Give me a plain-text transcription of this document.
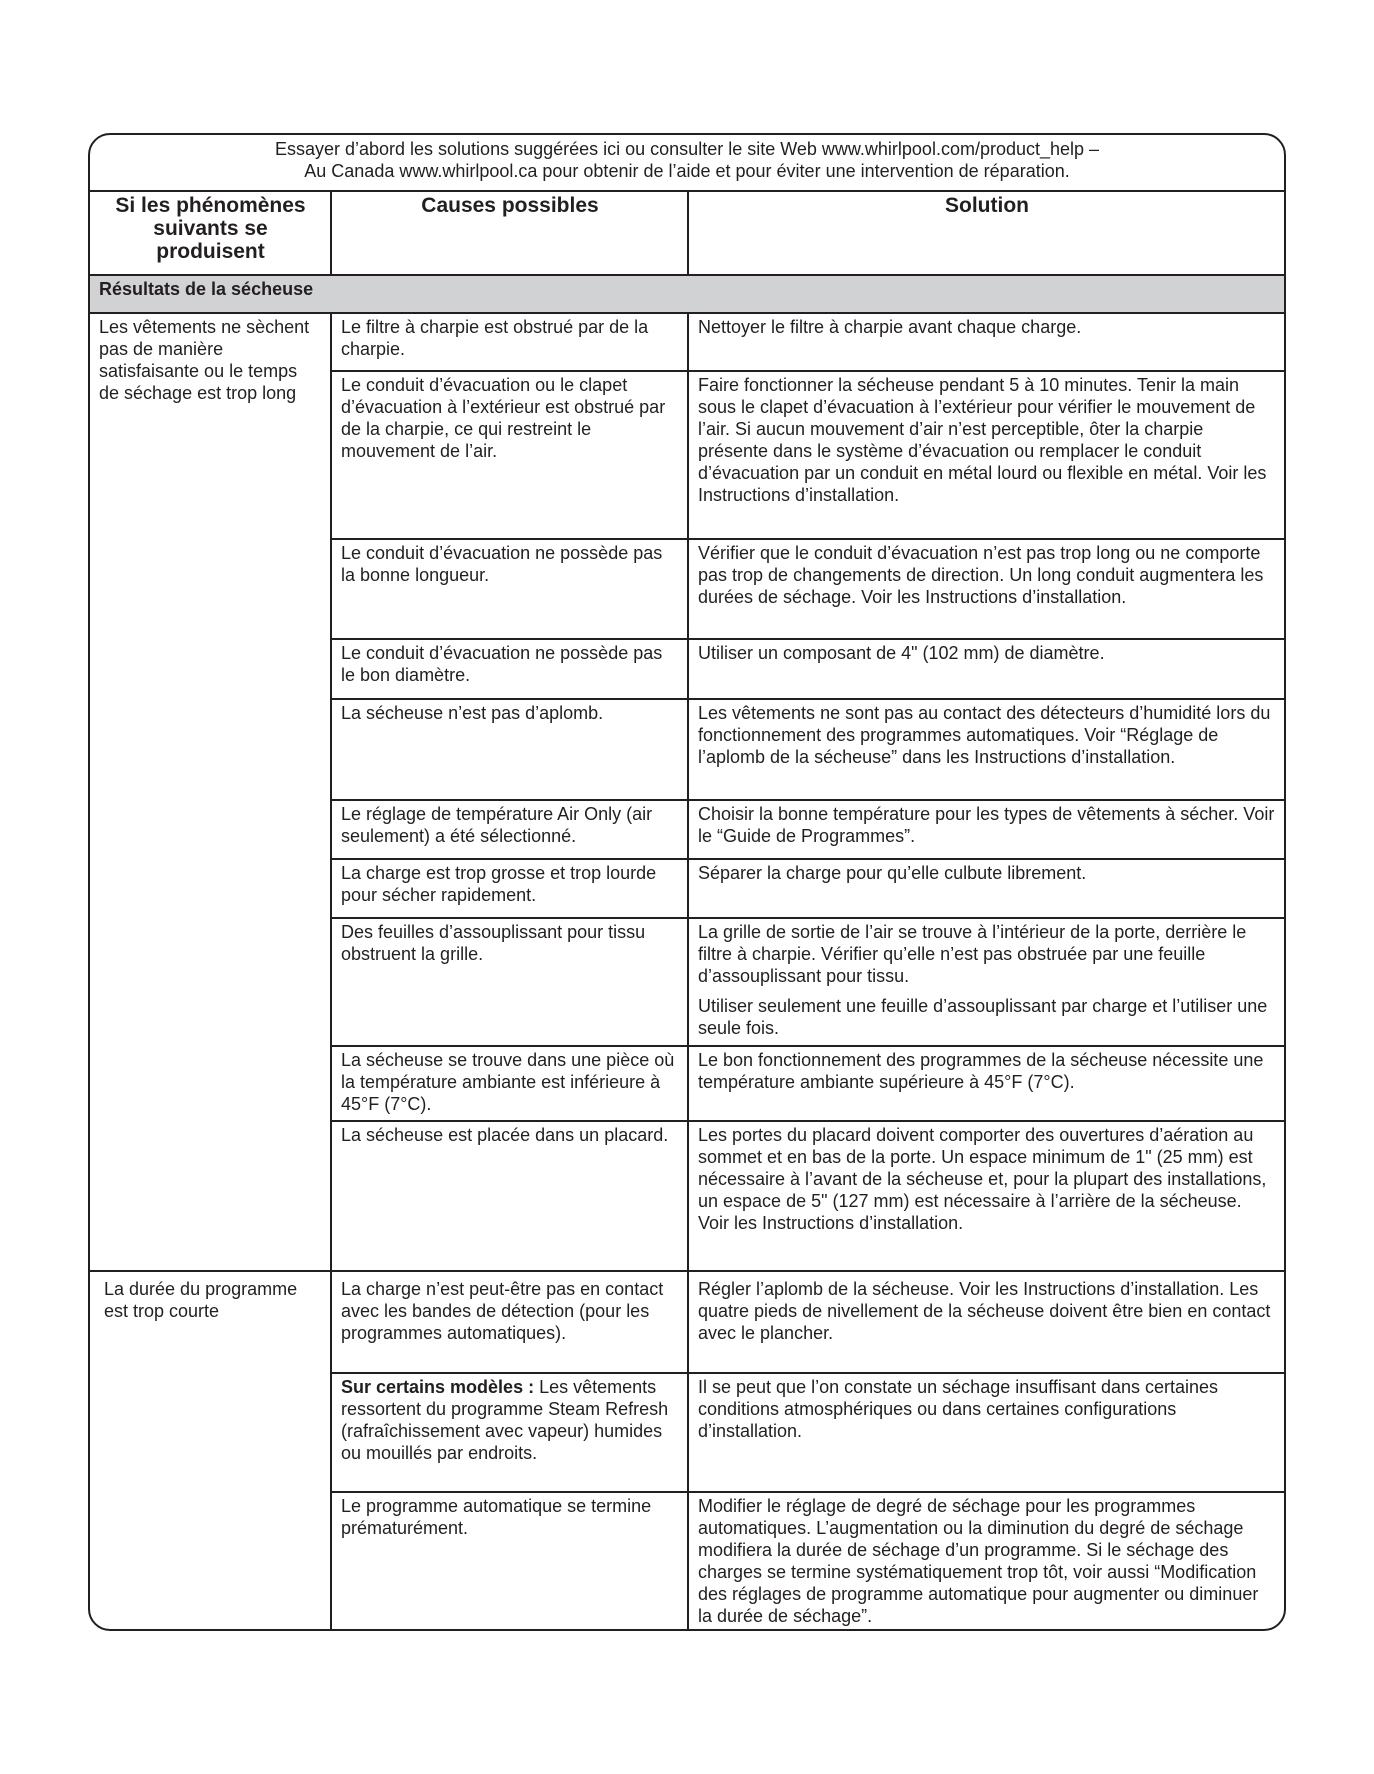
Essayer d’abord les solutions suggérées ici ou consulter le site Web www.whirlpool.com/product_help –
Au Canada www.whirlpool.ca pour obtenir de l’aide et pour éviter une intervention de réparation.
Si les phénomènes suivants se produisent	Causes possibles	Solution
Résultats de la sécheuse		
Les vêtements ne sèchent pas de manière satisfaisante ou le temps de séchage est trop long	Le filtre à charpie est obstrué par de la charpie.	Nettoyer le filtre à charpie avant chaque charge.
	Le conduit d’évacuation ou le clapet d’évacuation à l’extérieur est obstrué par de la charpie, ce qui restreint le mouvement de l’air.	Faire fonctionner la sécheuse pendant 5 à 10 minutes. Tenir la main sous le clapet d’évacuation à l’extérieur pour vérifier le mouvement de l’air. Si aucun mouvement d’air n’est perceptible, ôter la charpie présente dans le système d’évacuation ou remplacer le conduit d’évacuation par un conduit en métal lourd ou flexible en métal. Voir les Instructions d’installation.
	Le conduit d’évacuation ne possède pas la bonne longueur.	Vérifier que le conduit d’évacuation n’est pas trop long ou ne comporte pas trop de changements de direction. Un long conduit augmentera les durées de séchage. Voir les Instructions d’installation.
	Le conduit d’évacuation ne possède pas le bon diamètre.	Utiliser un composant de 4" (102 mm) de diamètre.
	La sécheuse n’est pas d’aplomb.	Les vêtements ne sont pas au contact des détecteurs d’humidité lors du fonctionnement des programmes automatiques. Voir “Réglage de l’aplomb de la sécheuse” dans les Instructions d’installation.
	Le réglage de température Air Only (air seulement) a été sélectionné.	Choisir la bonne température pour les types de vêtements à sécher. Voir le “Guide de Programmes”.
	La charge est trop grosse et trop lourde pour sécher rapidement.	Séparer la charge pour qu’elle culbute librement.
	Des feuilles d’assouplissant pour tissu obstruent la grille.	La grille de sortie de l’air se trouve à l’intérieur de la porte, derrière le filtre à charpie. Vérifier qu’elle n’est pas obstruée par une feuille d’assouplissant pour tissu.
Utiliser seulement une feuille d’assouplissant par charge et l’utiliser une seule fois.

	La sécheuse se trouve dans une pièce où la température ambiante est inférieure à 45°F (7°C).	Le bon fonctionnement des programmes de la sécheuse nécessite une température ambiante supérieure à 45°F (7°C).
	La sécheuse est placée dans un placard.	Les portes du placard doivent comporter des ouvertures d’aération au sommet et en bas de la porte. Un espace minimum de 1" (25 mm) est nécessaire à l’avant de la sécheuse et, pour la plupart des installations, un espace de 5" (127 mm) est nécessaire à l’arrière de la sécheuse. Voir les Instructions d’installation.
La durée du programme est trop courte	La charge n’est peut-être pas en contact avec les bandes de détection (pour les programmes automatiques).	Régler l’aplomb de la sécheuse. Voir les Instructions d’installation. Les quatre pieds de nivellement de la sécheuse doivent être bien en contact avec le plancher.
	Sur certains modèles : Les vêtements ressortent du programme Steam Refresh (rafraîchissement avec vapeur) humides ou mouillés par endroits.	Il se peut que l’on constate un séchage insuffisant dans certaines conditions atmosphériques ou dans certaines configurations d’installation.
	Le programme automatique se termine prématurément.	Modifier le réglage de degré de séchage pour les programmes automatiques. L’augmentation ou la diminution du degré de séchage modifiera la durée de séchage d’un programme. Si le séchage des charges se termine systématiquement trop tôt, voir aussi “Modification des réglages de programme automatique pour augmenter ou diminuer la durée de séchage”.
